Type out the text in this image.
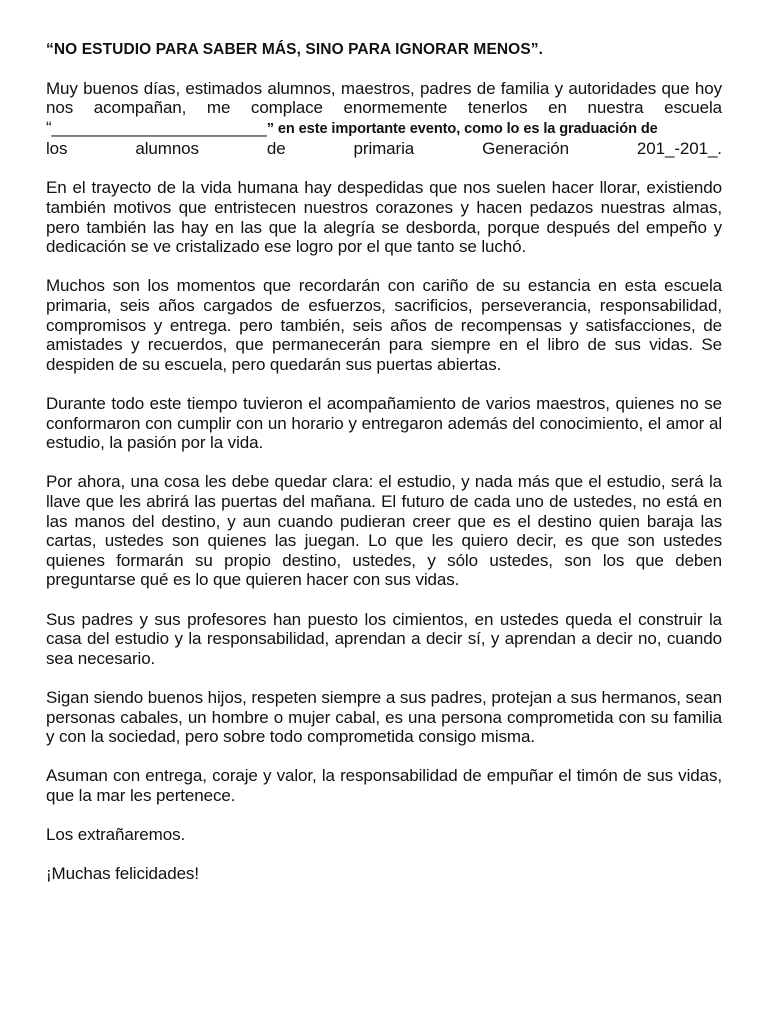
“NO ESTUDIO PARA SABER MÁS, SINO PARA IGNORAR MENOS”.
Muy buenos días, estimados alumnos, maestros, padres de familia y autoridades que hoy nos acompañan, me complace enormemente tenerlos en nuestra escuela “_______________________” en este importante evento, como lo es la graduación de
los	alumnos	de	primaria	Generación	201_-201_.
En el trayecto de la vida humana hay despedidas que nos suelen hacer llorar, existiendo también motivos que entristecen nuestros corazones y hacen pedazos nuestras almas, pero también las hay en las que la alegría se desborda, porque después del empeño y dedicación se ve cristalizado ese logro por el que tanto se luchó.
Muchos son los momentos que recordarán con cariño de su estancia en esta escuela primaria, seis años cargados de esfuerzos, sacrificios, perseverancia, responsabilidad, compromisos y entrega. pero también, seis años de recompensas y satisfacciones, de amistades y recuerdos, que permanecerán para siempre en el libro de sus vidas. Se despiden de su escuela, pero quedarán sus puertas abiertas.
Durante todo este tiempo tuvieron el acompañamiento de varios maestros, quienes no se conformaron con cumplir con un horario y entregaron además del conocimiento, el amor al estudio, la pasión por la vida.
Por ahora, una cosa les debe quedar clara: el estudio, y nada más que el estudio, será la llave que les abrirá las puertas del mañana. El futuro de cada uno de ustedes, no está en las manos del destino, y aun cuando pudieran creer que es el destino quien baraja las cartas, ustedes son quienes las juegan. Lo que les quiero decir, es que son ustedes quienes formarán su propio destino, ustedes, y sólo ustedes, son los que deben preguntarse qué es lo que quieren hacer con sus vidas.
Sus padres y sus profesores han puesto los cimientos, en ustedes queda el construir la casa del estudio y la responsabilidad, aprendan a decir sí, y aprendan a decir no, cuando sea necesario.
Sigan siendo buenos hijos, respeten siempre a sus padres, protejan a sus hermanos, sean personas cabales, un hombre o mujer cabal, es una persona comprometida con su familia y con la sociedad, pero sobre todo comprometida consigo misma.
Asuman con entrega, coraje y valor, la responsabilidad de empuñar el timón de sus vidas, que la mar les pertenece.
Los extrañaremos.
¡Muchas felicidades!
